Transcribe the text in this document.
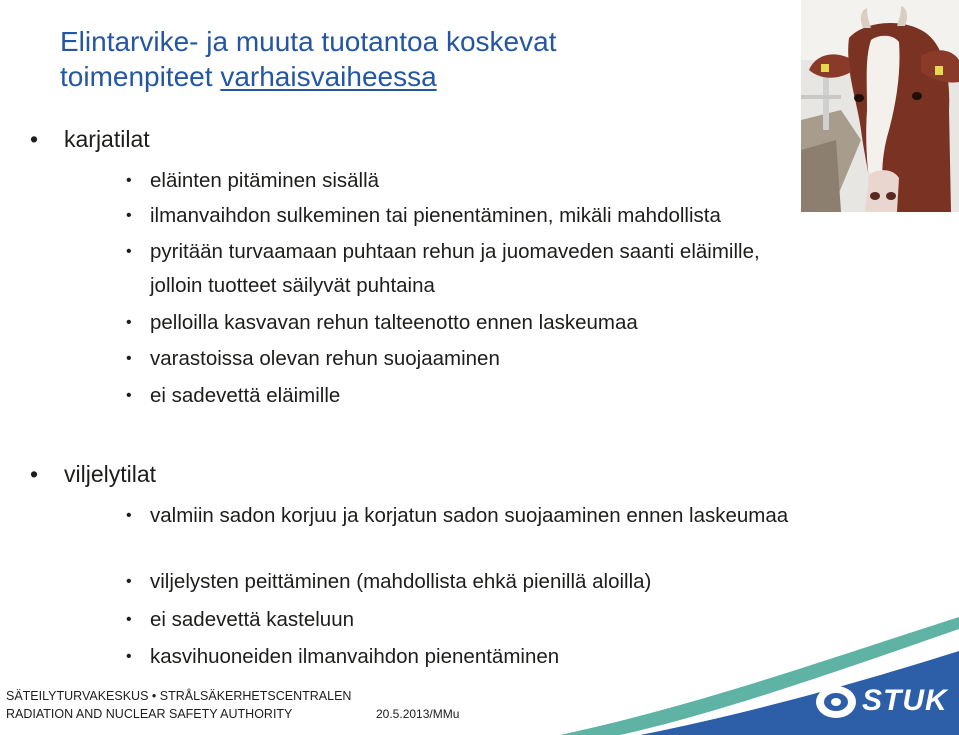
Elintarvike- ja muuta tuotantoa koskevat
toimenpiteet varhaisvaiheessa
• karjatilat
• eläinten pitäminen sisällä
• ilmanvaihdon sulkeminen tai pienentäminen, mikäli mahdollista
• pyritään turvaamaan puhtaan rehun ja juomaveden saanti eläimille, jolloin tuotteet säilyvät puhtaina
• pelloilla kasvavan rehun talteenotto ennen laskeumaa
• varastoissa olevan rehun suojaaminen
• ei sadevettä eläimille
• viljelytilat
• valmiin sadon korjuu ja korjatun sadon suojaaminen ennen laskeumaa
• viljelysten peittäminen (mahdollista ehkä pienillä aloilla)
• ei sadevettä kasteluun
• kasvihuoneiden ilmanvaihdon pienentäminen
SÄTEILYTURVAKESKUS • STRÅLSÄKERHETSCENTRALEN
RADIATION AND NUCLEAR SAFETY AUTHORITY	20.5.2013/MMu	STUK
